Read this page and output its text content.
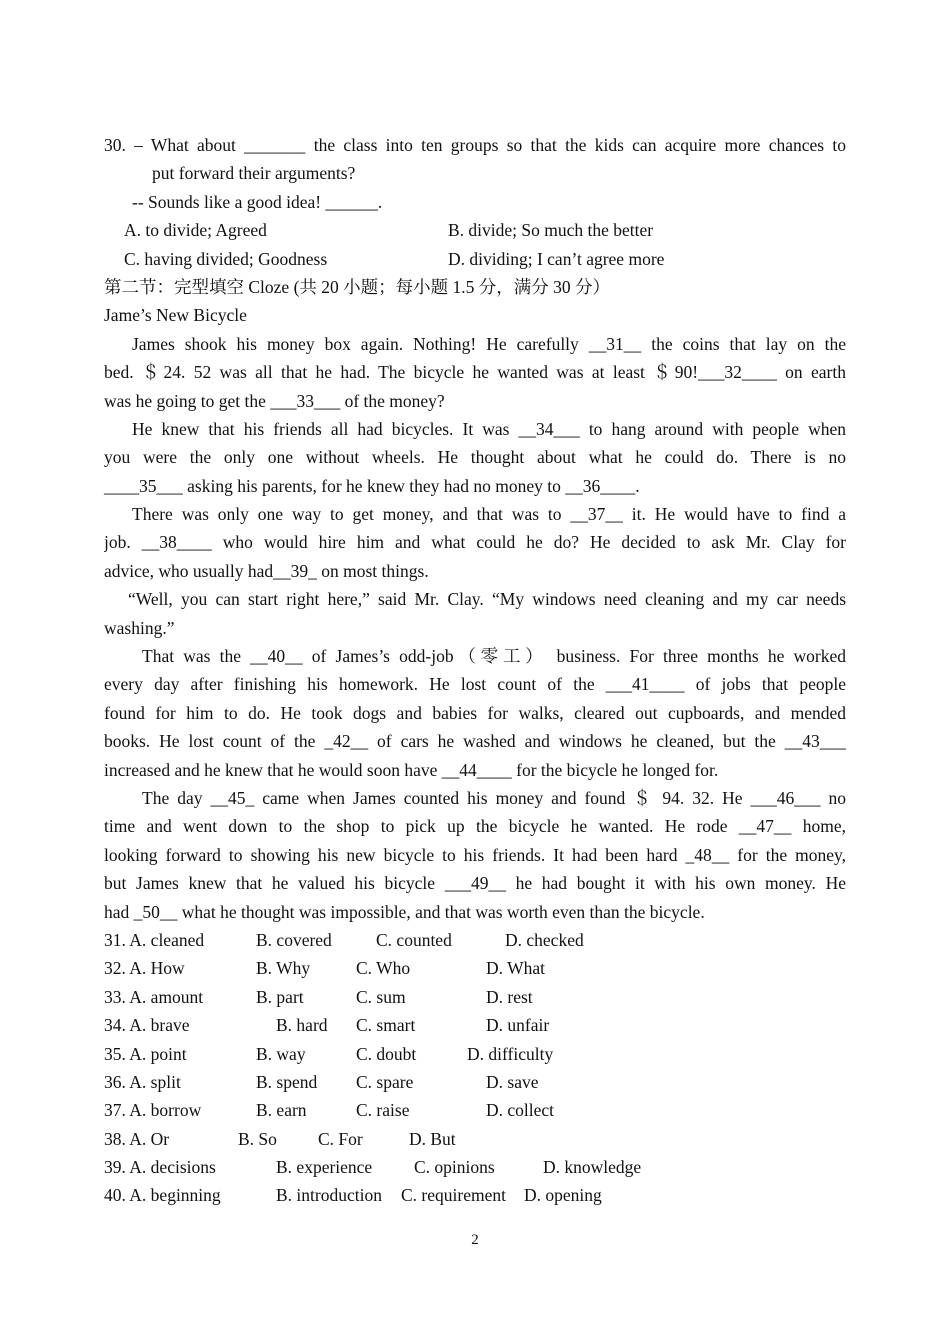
30. – What about _______ the class into ten groups so that the kids can acquire more chances to
put forward their arguments?
-- Sounds like a good idea! ______.
A. to divide; Agreed	B. divide; So much the better
C. having divided; Goodness	D. dividing; I can’t agree more
第二节：完型填空 Cloze (共 20 小题；每小题 1.5 分，满分 30 分）
Jame’s New Bicycle
James shook his money box again. Nothing! He carefully __31__ the coins that lay on the
bed. ＄24. 52 was all that he had. The bicycle he wanted was at least ＄90!___32____ on earth
was he going to get the ___33___ of the money?
He knew that his friends all had bicycles. It was __34___ to hang around with people when
you were the only one without wheels. He thought about what he could do. There is no
____35___ asking his parents, for he knew they had no money to __36____.
There was only one way to get money, and that was to __37__ it. He would have to find a
job. __38____ who would hire him and what could he do? He decided to ask Mr. Clay for
advice, who usually had__39_ on most things.
“Well, you can start right here,” said Mr. Clay. “My windows need cleaning and my car needs
washing.”
That was the __40__ of James’s odd-job（零工） business. For three months he worked
every day after finishing his homework. He lost count of the ___41____ of jobs that people
found for him to do. He took dogs and babies for walks, cleared out cupboards, and mended
books. He lost count of the _42__ of cars he washed and windows he cleaned, but the __43___
increased and he knew that he would soon have __44____ for the bicycle he longed for.
The day __45_ came when James counted his money and found ＄ 94. 32. He ___46___ no
time and went down to the shop to pick up the bicycle he wanted. He rode __47__ home,
looking forward to showing his new bicycle to his friends. It had been hard _48__ for the money,
but James knew that he valued his bicycle ___49__ he had bought it with his own money. He
had _50__ what he thought was impossible, and that was worth even than the bicycle.
31. A. cleaned	B. covered	C. counted	D. checked
32. A. How	B. Why	C. Who	D. What
33. A. amount	B. part	C. sum	D. rest
34. A. brave	B. hard C. smart	D. unfair
35. A. point	B. way	C. doubt	D. difficulty
36. A. split	B. spend C. spare	D. save
37. A. borrow	B. earn	C. raise	D. collect
38. A. Or	B. So C. For	D. But
39. A. decisions	B. experience C. opinions	D. knowledge
40. A. beginning	B. introduction C. requirement D. opening
2
